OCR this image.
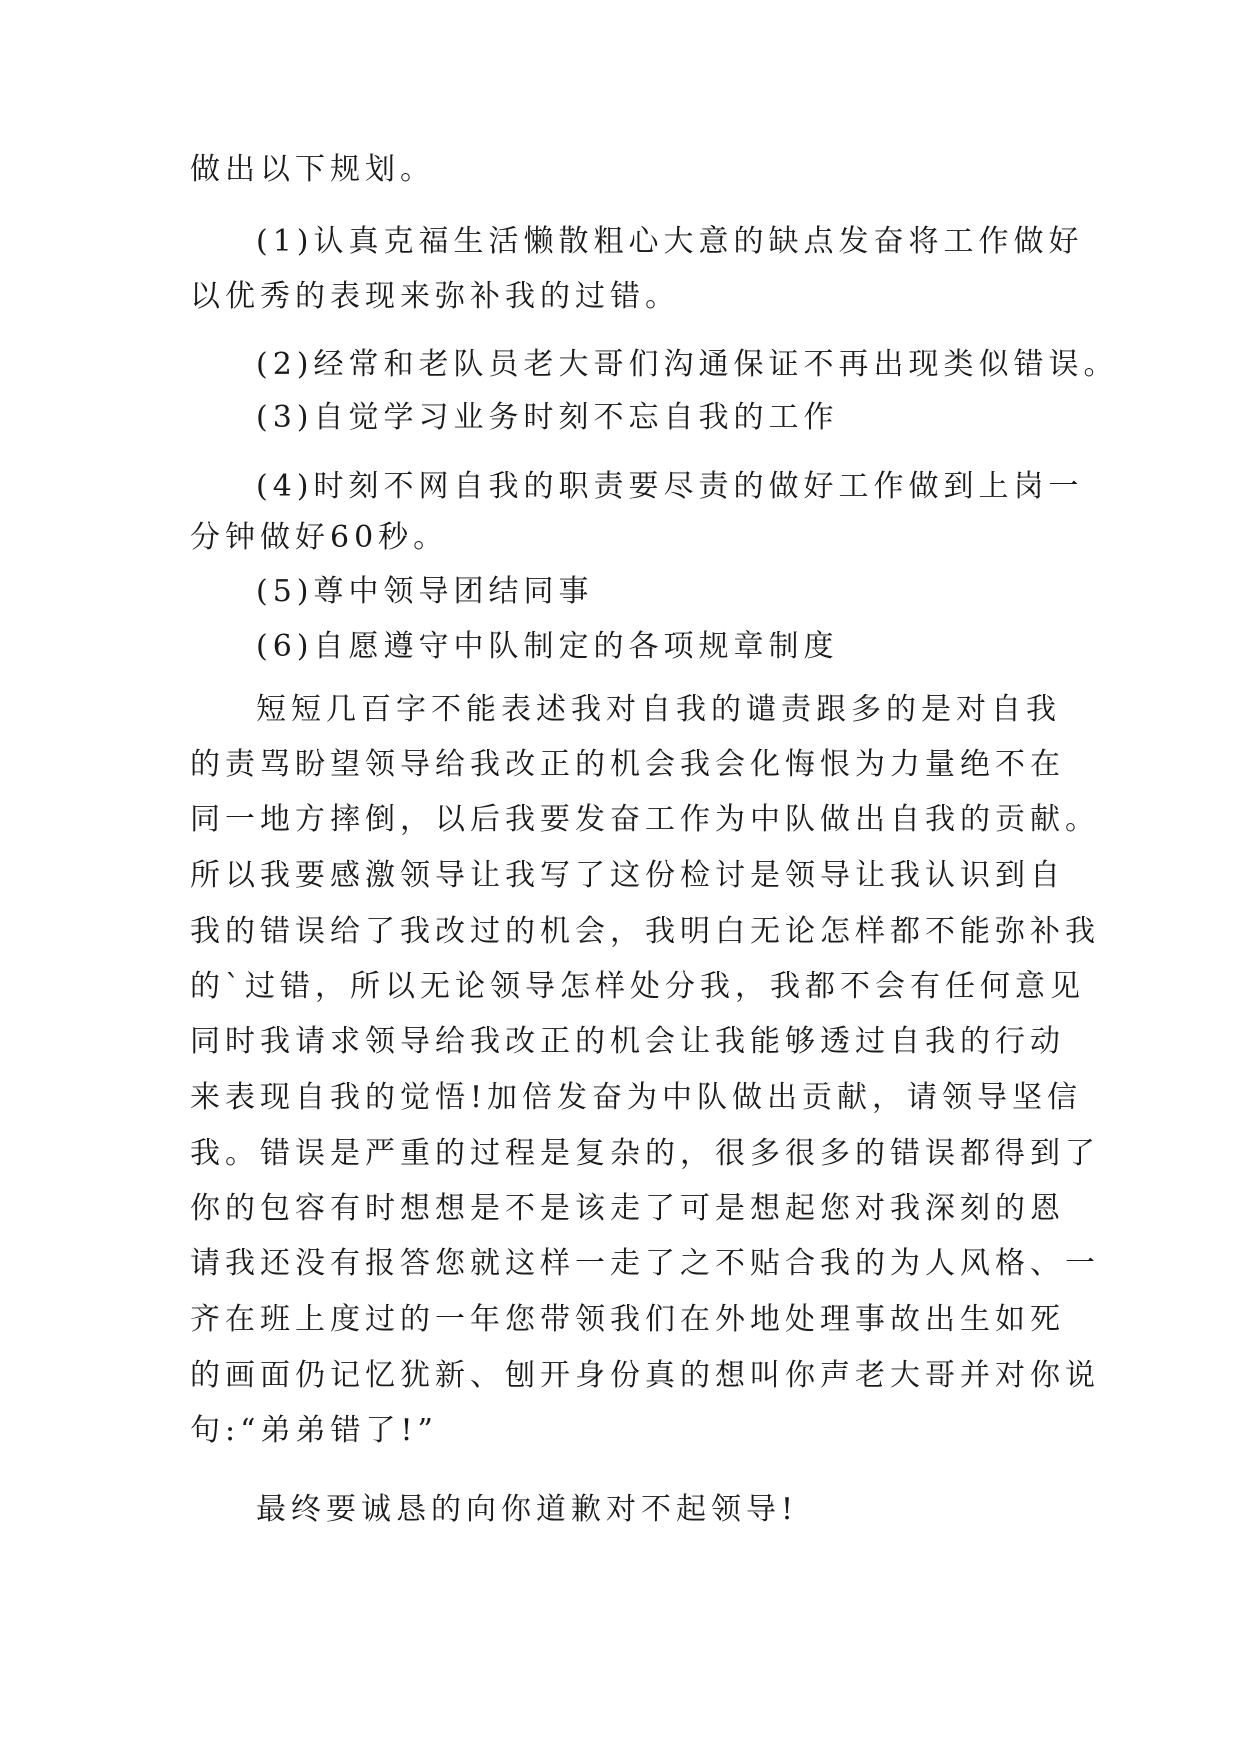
做出以下规划。
(1)认真克福生活懒散粗心大意的缺点发奋将工作做好
以优秀的表现来弥补我的过错。
(2)经常和老队员老大哥们沟通保证不再出现类似错误。
(3)自觉学习业务时刻不忘自我的工作
(4)时刻不网自我的职责要尽责的做好工作做到上岗一
分钟做好60秒。
(5)尊中领导团结同事
(6)自愿遵守中队制定的各项规章制度
短短几百字不能表述我对自我的谴责跟多的是对自我
的责骂盼望领导给我改正的机会我会化悔恨为力量绝不在
同一地方摔倒，以后我要发奋工作为中队做出自我的贡献。
所以我要感激领导让我写了这份检讨是领导让我认识到自
我的错误给了我改过的机会，我明白无论怎样都不能弥补我
的`过错，所以无论领导怎样处分我，我都不会有任何意见
同时我请求领导给我改正的机会让我能够透过自我的行动
来表现自我的觉悟!加倍发奋为中队做出贡献，请领导坚信
我。错误是严重的过程是复杂的，很多很多的错误都得到了
你的包容有时想想是不是该走了可是想起您对我深刻的恩
请我还没有报答您就这样一走了之不贴合我的为人风格、一
齐在班上度过的一年您带领我们在外地处理事故出生如死
的画面仍记忆犹新、刨开身份真的想叫你声老大哥并对你说
句:“弟弟错了!”
最终要诚恳的向你道歉对不起领导!
